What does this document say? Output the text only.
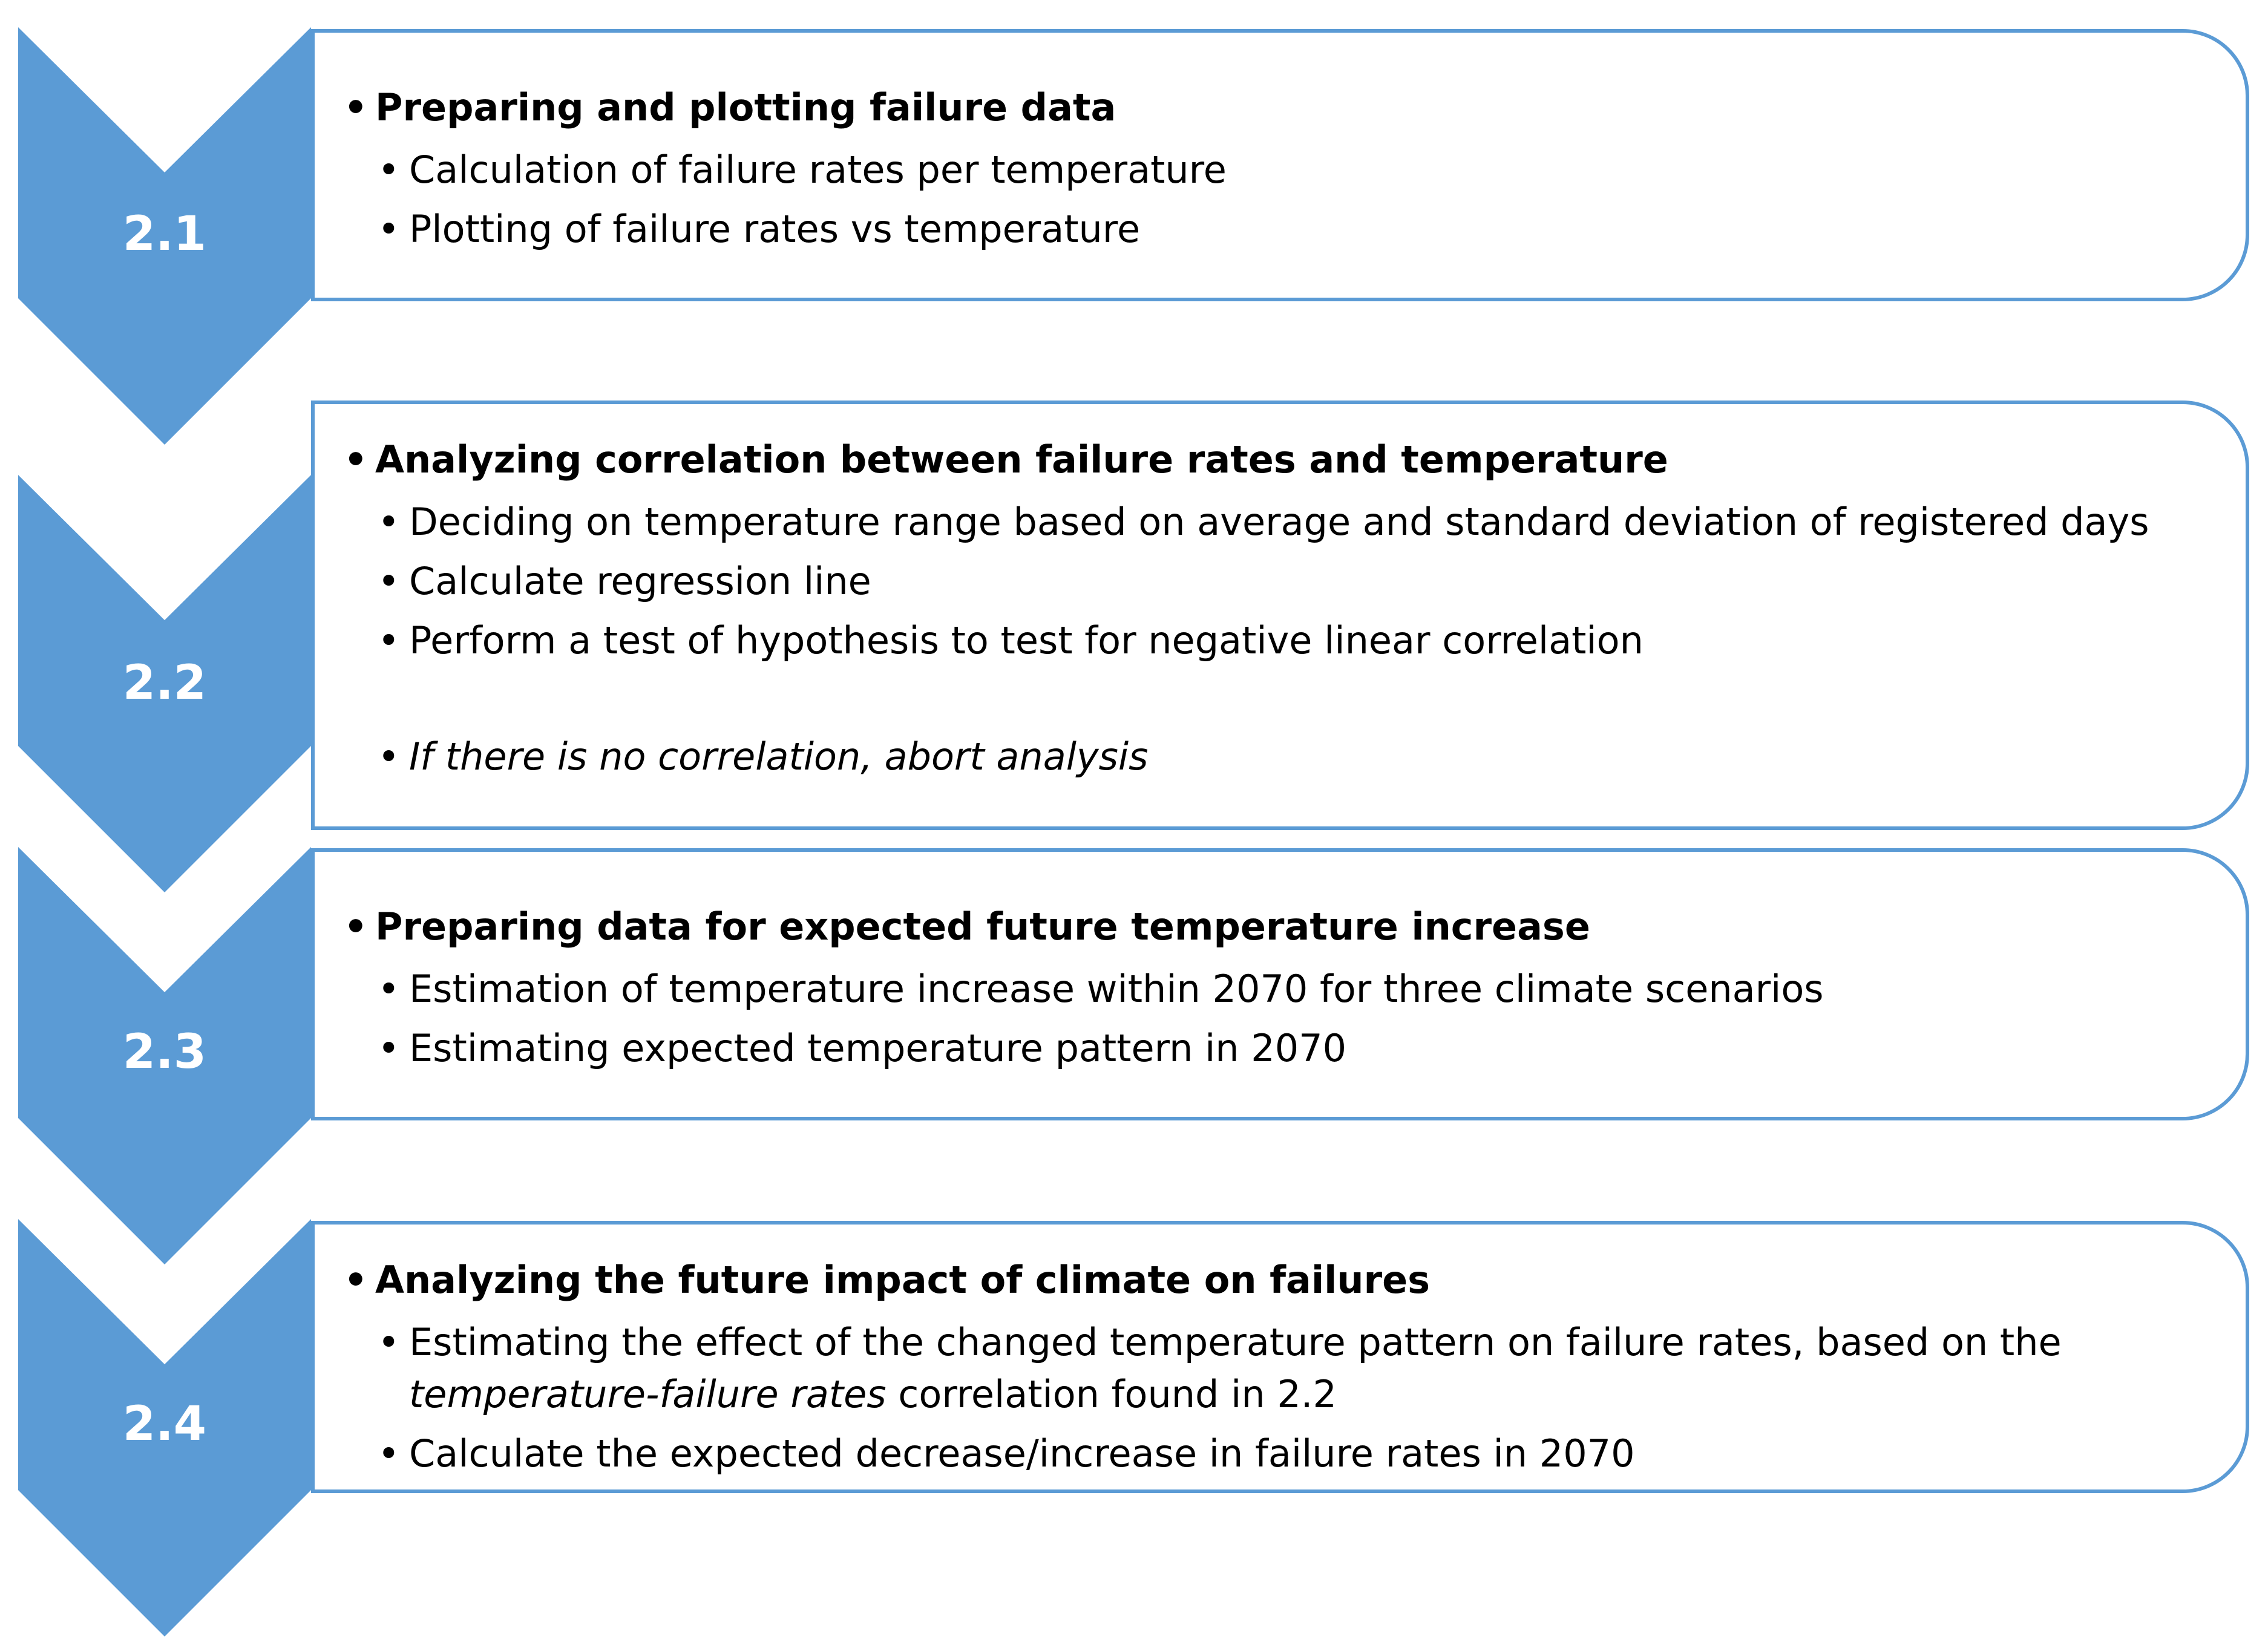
2.1
• Preparing and plotting failure data
• Calculation of failure rates per temperature
• Plotting of failure rates vs temperature
2.2
• Analyzing correlation between failure rates and temperature
• Deciding on temperature range based on average and standard deviation of registered days
• Calculate regression line
• Perform a test of hypothesis to test for negative linear correlation
• If there is no correlation, abort analysis
2.3
• Preparing data for expected future temperature increase
• Estimation of temperature increase within 2070 for three climate scenarios
• Estimating expected temperature pattern in 2070
2.4
• Analyzing the future impact of climate on failures
• Estimating the effect of the changed temperature pattern on failure rates, based on the temperature-failure rates correlation found in 2.2
• Calculate the expected decrease/increase in failure rates in 2070
